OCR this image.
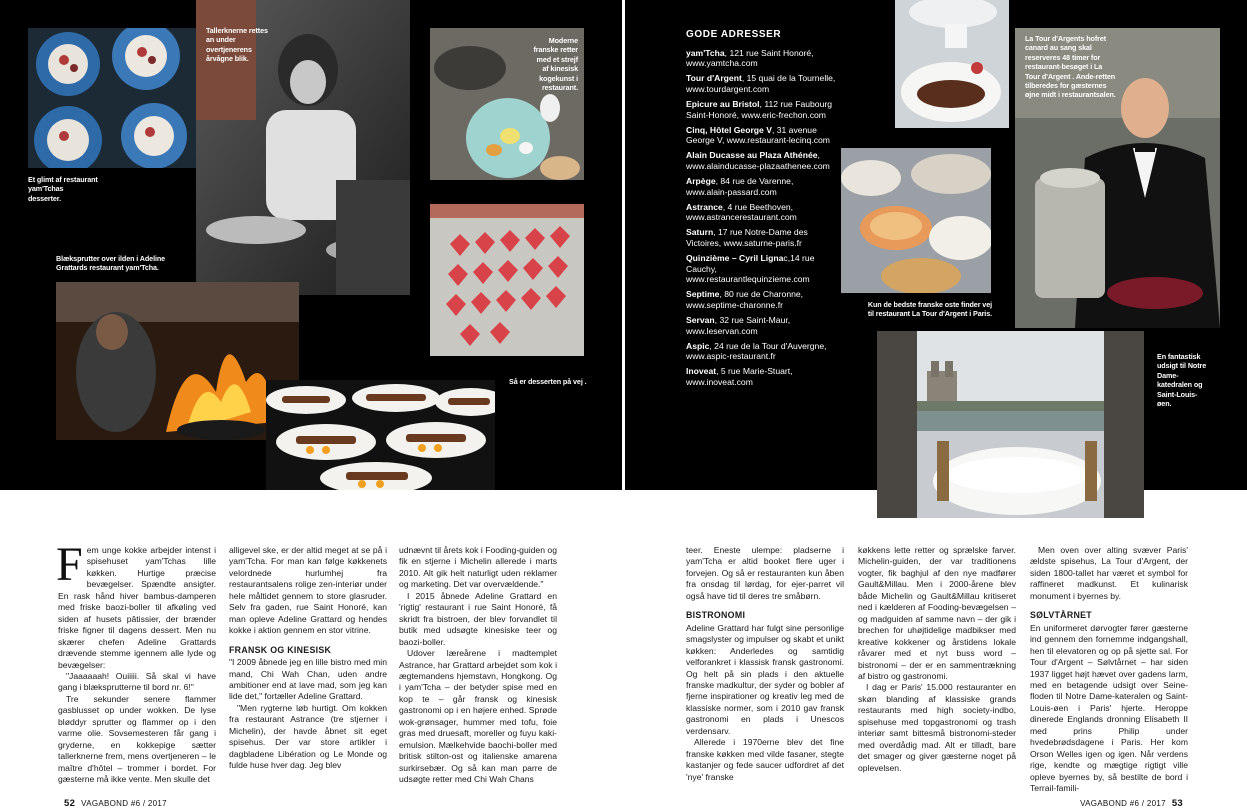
Et glimt af restaurant yam'Tchas desserter.
Tallerknerne rettes an under overtjenerens årvågne blik.
Moderne franske retter med et strejf af kinesisk kogekunst i restaurant.
Blæksprutter over ilden i Adeline Grattards restaurant yam'Tcha.
Så er desserten på vej .
La Tour d'Argents hofret canard au sang skal reserveres 48 timer for restaurant-besøget i La Tour d'Argent . Ande-retten tilberedes for gæsternes øjne midt i restaurantsalen.
Kun de bedste franske oste finder vej til restaurant La Tour d'Argent i Paris.
En fantastisk udsigt til Notre Dame-katedralen og Saint-Louis-øen.
GODE ADRESSER
yam'Tcha, 121 rue Saint Honoré, www.yamtcha.com
Tour d'Argent, 15 quai de la Tournelle, www.tourdargent.com
Epicure au Bristol, 112 rue Faubourg Saint-Honoré, www.eric-frechon.com
Cinq, Hôtel George V, 31 avenue George V, www.restaurant-lecinq.com
Alain Ducasse au Plaza Athénée, www.alainducasse-plazaathenee.com
Arpège, 84 rue de Varenne, www.alain-passard.com
Astrance, 4 rue Beethoven, www.astrancerestaurant.com
Saturn, 17 rue Notre-Dame des Victoires, www.saturne-paris.fr
Quinzième – Cyril Lignac,14 rue Cauchy, www.restaurantlequinzieme.com
Septime, 80 rue de Charonne, www.septime-charonne.fr
Servan, 32 rue Saint-Maur, www.leservan.com
Aspic, 24 rue de la Tour d'Auvergne, www.aspic-restaurant.fr
Inoveat, 5 rue Marie-Stuart, www.inoveat.com
F em unge kokke arbejder intenst i spisehuset yam'Tchas lille køkken. Hurtige præcise bevægelser. Spændte ansigter. En rask hånd hiver bambus-damperen med friske baozi-boller til afkøling ved siden af husets pâtissier, der brænder friske figner til dagens dessert. Men nu skærer chefen Adeline Grattards drævende stemme igennem alle lyde og bevægelser:

"Jaaaaaah! Ouiiiii. Så skal vi have gang i blæksprutterne til bord nr. 6!"

Tre sekunder senere flammer gasblusset op under wokken. De lyse bløddyr sprutter og flammer op i den varme olie. Sovsemesteren får gang i gryderne, en kokkepige sætter tallerknerne frem, mens overtjeneren – le maître d'hôtel – trommer i bordet. For gæsterne må ikke vente. Men skulle det

alligevel ske, er der altid meget at se på i yam'Tcha. For man kan følge køkkenets velordnede hurlumhej fra restaurantsalens rolige zen-interiør under hele måltidet gennem to store glasruder. Selv fra gaden, rue Saint Honoré, kan man opleve Adeline Grattard og hendes kokke i aktion gennem en stor vitrine.

FRANSK OG KINESISK

"I 2009 åbnede jeg en lille bistro med min mand, Chi Wah Chan, uden andre ambitioner end at lave mad, som jeg kan lide det," fortæller Adeline Grattard.

"Men rygterne løb hurtigt. Om kokken fra restaurant Astrance (tre stjerner i Michelin), der havde åbnet sit eget spisehus. Der var store artikler i dagbladene Libération og Le Monde og fulde huse hver dag. Jeg blev

udnævnt til årets kok i Fooding-guiden og fik en stjerne i Michelin allerede i marts 2010. Alt gik helt naturligt uden reklamer og marketing. Det var overvældende."

I 2015 åbnede Adeline Grattard en 'rigtig' restaurant i rue Saint Honoré, få skridt fra bistroen, der blev forvandlet til butik med udsøgte kinesiske teer og baozi-boller.

Udover læreårene i madtemplet Astrance, har Grattard arbejdet som kok i ægtemandens hjemstavn, Hongkong. Og i yam'Tcha – der betyder spise med en kop te – går fransk og kinesisk gastronomi op i en højere enhed. Sprøde wok-grønsager, hummer med tofu, foie gras med druesaft, moreller og fuyu kaki-emulsion. Mælkehvide baochi-boller med britisk stilton-ost og italienske amarena surkirsebær. Og så kan man parre de udsøgte retter med Chi Wah Chans

teer. Eneste ulempe: pladserne i yam'Tcha er altid booket flere uger i forvejen. Og så er restauranten kun åben fra onsdag til lørdag, for ejer-parret vil også have tid til deres tre småbørn.

BISTRONOMI

Adeline Grattard har fulgt sine personlige smagslyster og impulser og skabt et unikt køkken: Anderledes og samtidig velforankret i klassisk fransk gastronomi. Og helt på sin plads i den aktuelle franske madkultur, der syder og bobler af fjerne inspirationer og kreativ leg med de klassiske normer, som i 2010 gav fransk gastronomi en plads i Unescos verdensarv.

Allerede i 1970erne blev det fine franske køkken med vilde fasaner, stegte kastanjer og fede saucer udfordret af det 'nye' franske

køkkens lette retter og sprælske farver. Michelin-guiden, der var traditionens vogter, fik baghjul af den nye madfører Gault&Millau. Men i 2000-årene blev både Michelin og Gault&Millau kritiseret ned i kælderen af Fooding-bevægelsen – og madguiden af samme navn – der gik i brechen for uhøjtidelige madbikser med kreative kokkener og årstidens lokale råvarer med et nyt buss word – bistronomi – der er en sammentrækning af bistro og gastronomi.

I dag er Paris' 15.000 restauranter en skøn blanding af klassiske grands restaurants med high society-indbo, spisehuse med topgastronomi og trash interiør samt bittesmå bistronomi-steder med overdådig mad. Alt er tilladt, bare det smager og giver gæsterne noget på oplevelsen.

Men oven over alting svæver Paris' ældste spisehus, La Tour d'Argent, der siden 1800-tallet har været et symbol for raffineret madkunst. Et kulinarisk monument i byernes by.

SØLVTÅRNET

En uniformeret dørvogter fører gæsterne ind gennem den fornemme indgangshall, hen til elevatoren og op på sjette sal. For Tour d'Argent – Sølvtårnet – har siden 1937 ligget højt hævet over gadens larm, med en betagende udsigt over Seine-floden til Notre Dame-kateralen og Saint-Louis-øen i Paris' hjerte. Heroppe dinerede Englands dronning Elisabeth II med prins Philip under hvedebrødsdagene i Paris. Her kom Orson Welles igen og igen. Når verdens rige, kendte og mægtige rigtigt ville opleve byernes by, så bestilte de bord i Terrail-famili-

52 VAGABOND #6 / 2017	VAGABOND #6 / 2017 53
